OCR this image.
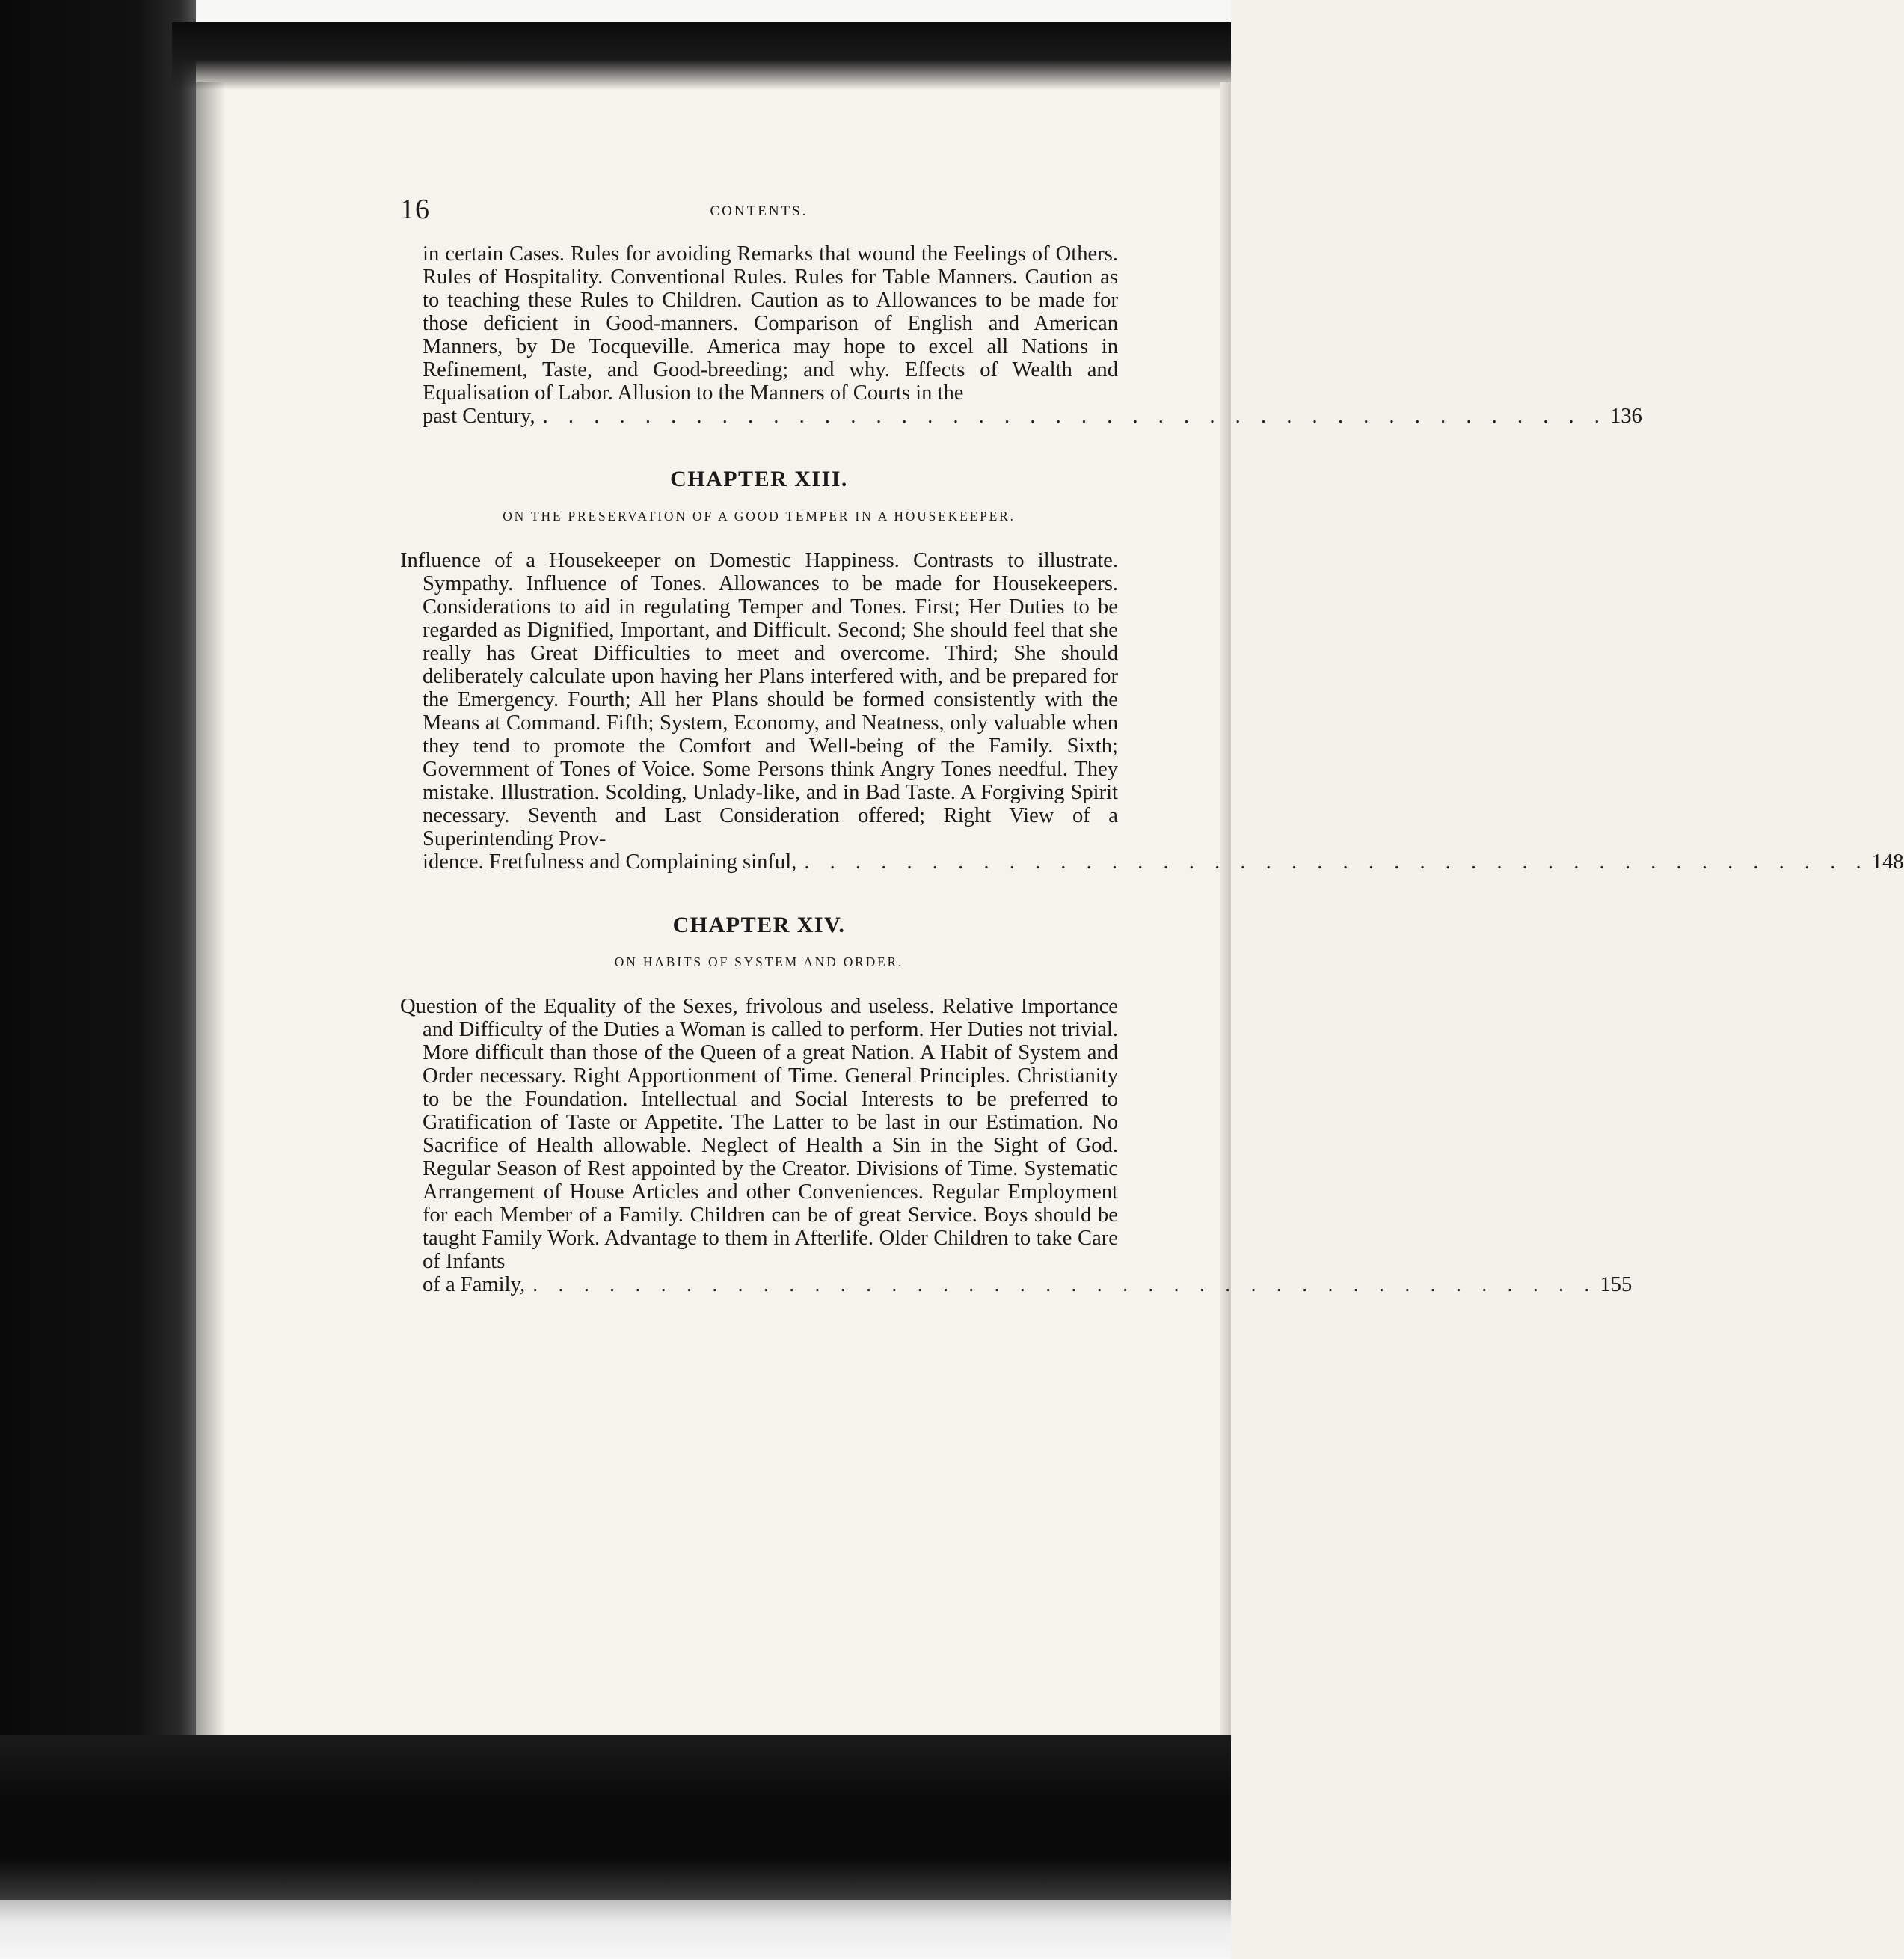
16	CONTENTS.

in certain Cases. Rules for avoiding Remarks that wound the Feelings of Others. Rules of Hospitality. Conventional Rules. Rules for Table Manners. Caution as to teaching these Rules to Children. Caution as to Allowances to be made for those deficient in Good-manners. Comparison of English and American Manners, by De Tocqueville. America may hope to excel all Nations in Refinement, Taste, and Good-breeding; and why. Effects of Wealth and Equalisation of Labor. Allusion to the Manners of Courts in the

past Century, . . . . . . . . . . . . . . . . . . . . . . . . . . . . . . . . . . . . . . . . . . 136
CHAPTER XIII.
ON THE PRESERVATION OF A GOOD TEMPER IN A HOUSEKEEPER.

Influence of a Housekeeper on Domestic Happiness. Contrasts to illustrate. Sympathy. Influence of Tones. Allowances to be made for Housekeepers. Considerations to aid in regulating Temper and Tones. First; Her Duties to be regarded as Dignified, Important, and Difficult. Second; She should feel that she really has Great Difficulties to meet and overcome. Third; She should deliberately calculate upon having her Plans interfered with, and be prepared for the Emergency. Fourth; All her Plans should be formed consistently with the Means at Command. Fifth; System, Economy, and Neatness, only valuable when they tend to promote the Comfort and Well-being of the Family. Sixth; Government of Tones of Voice. Some Persons think Angry Tones needful. They mistake. Illustration. Scolding, Unlady-like, and in Bad Taste. A Forgiving Spirit necessary. Seventh and Last Consideration offered; Right View of a Superintending Prov-

idence. Fretfulness and Complaining sinful, . . . . . . . . . . . . . . . . . . . . . . . . . . . . . . . . . . . . . . . . . . 148
CHAPTER XIV.
ON HABITS OF SYSTEM AND ORDER.

Question of the Equality of the Sexes, frivolous and useless. Relative Importance and Difficulty of the Duties a Woman is called to perform. Her Duties not trivial. More difficult than those of the Queen of a great Nation. A Habit of System and Order necessary. Right Apportionment of Time. General Principles. Christianity to be the Foundation. Intellectual and Social Interests to be preferred to Gratification of Taste or Appetite. The Latter to be last in our Estimation. No Sacrifice of Health allowable. Neglect of Health a Sin in the Sight of God. Regular Season of Rest appointed by the Creator. Divisions of Time. Systematic Arrangement of House Articles and other Conveniences. Regular Employment for each Member of a Family. Children can be of great Service. Boys should be taught Family Work. Advantage to them in Afterlife. Older Children to take Care of Infants

of a Family, . . . . . . . . . . . . . . . . . . . . . . . . . . . . . . . . . . . . . . . . . . 155
